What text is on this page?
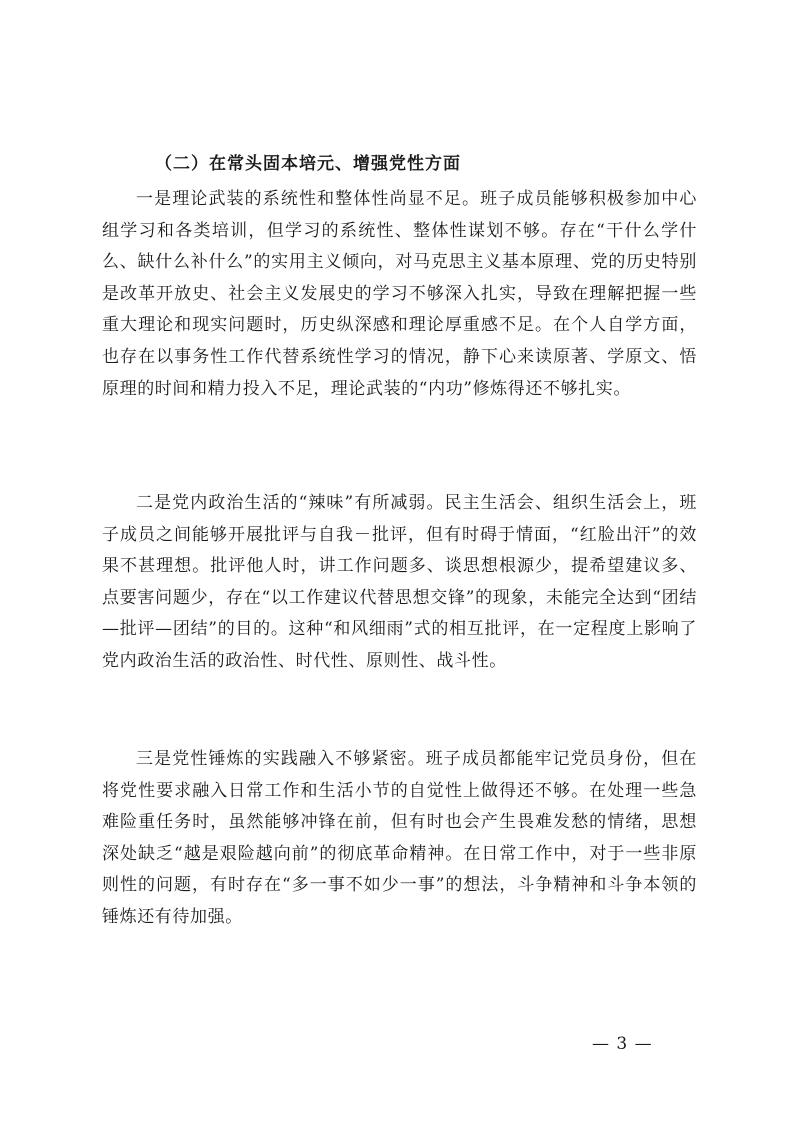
（二）在常头固本培元、增强党性方面

一是理论武装的系统性和整体性尚显不足。班子成员能够积极参加中心组学习和各类培训，但学习的系统性、整体性谋划不够。存在“干什么学什么、缺什么补什么”的实用主义倾向，对马克思主义基本原理、党的历史特别是改革开放史、社会主义发展史的学习不够深入扎实，导致在理解把握一些重大理论和现实问题时，历史纵深感和理论厚重感不足。在个人自学方面，也存在以事务性工作代替系统性学习的情况，静下心来读原著、学原文、悟原理的时间和精力投入不足，理论武装的“内功”修炼得还不够扎实。

二是党内政治生活的“辣味”有所减弱。民主生活会、组织生活会上，班子成员之间能够开展批评与自我－批评，但有时碍于情面，“红脸出汗”的效果不甚理想。批评他人时，讲工作问题多、谈思想根源少，提希望建议多、点要害问题少，存在“以工作建议代替思想交锋”的现象，未能完全达到“团结—批评—团结”的目的。这种“和风细雨”式的相互批评，在一定程度上影响了党内政治生活的政治性、时代性、原则性、战斗性。

三是党性锤炼的实践融入不够紧密。班子成员都能牢记党员身份，但在将党性要求融入日常工作和生活小节的自觉性上做得还不够。在处理一些急难险重任务时，虽然能够冲锋在前，但有时也会产生畏难发愁的情绪，思想深处缺乏“越是艰险越向前”的彻底革命精神。在日常工作中，对于一些非原则性的问题，有时存在“多一事不如少一事”的想法，斗争精神和斗争本领的锤炼还有待加强。

— 3 —
